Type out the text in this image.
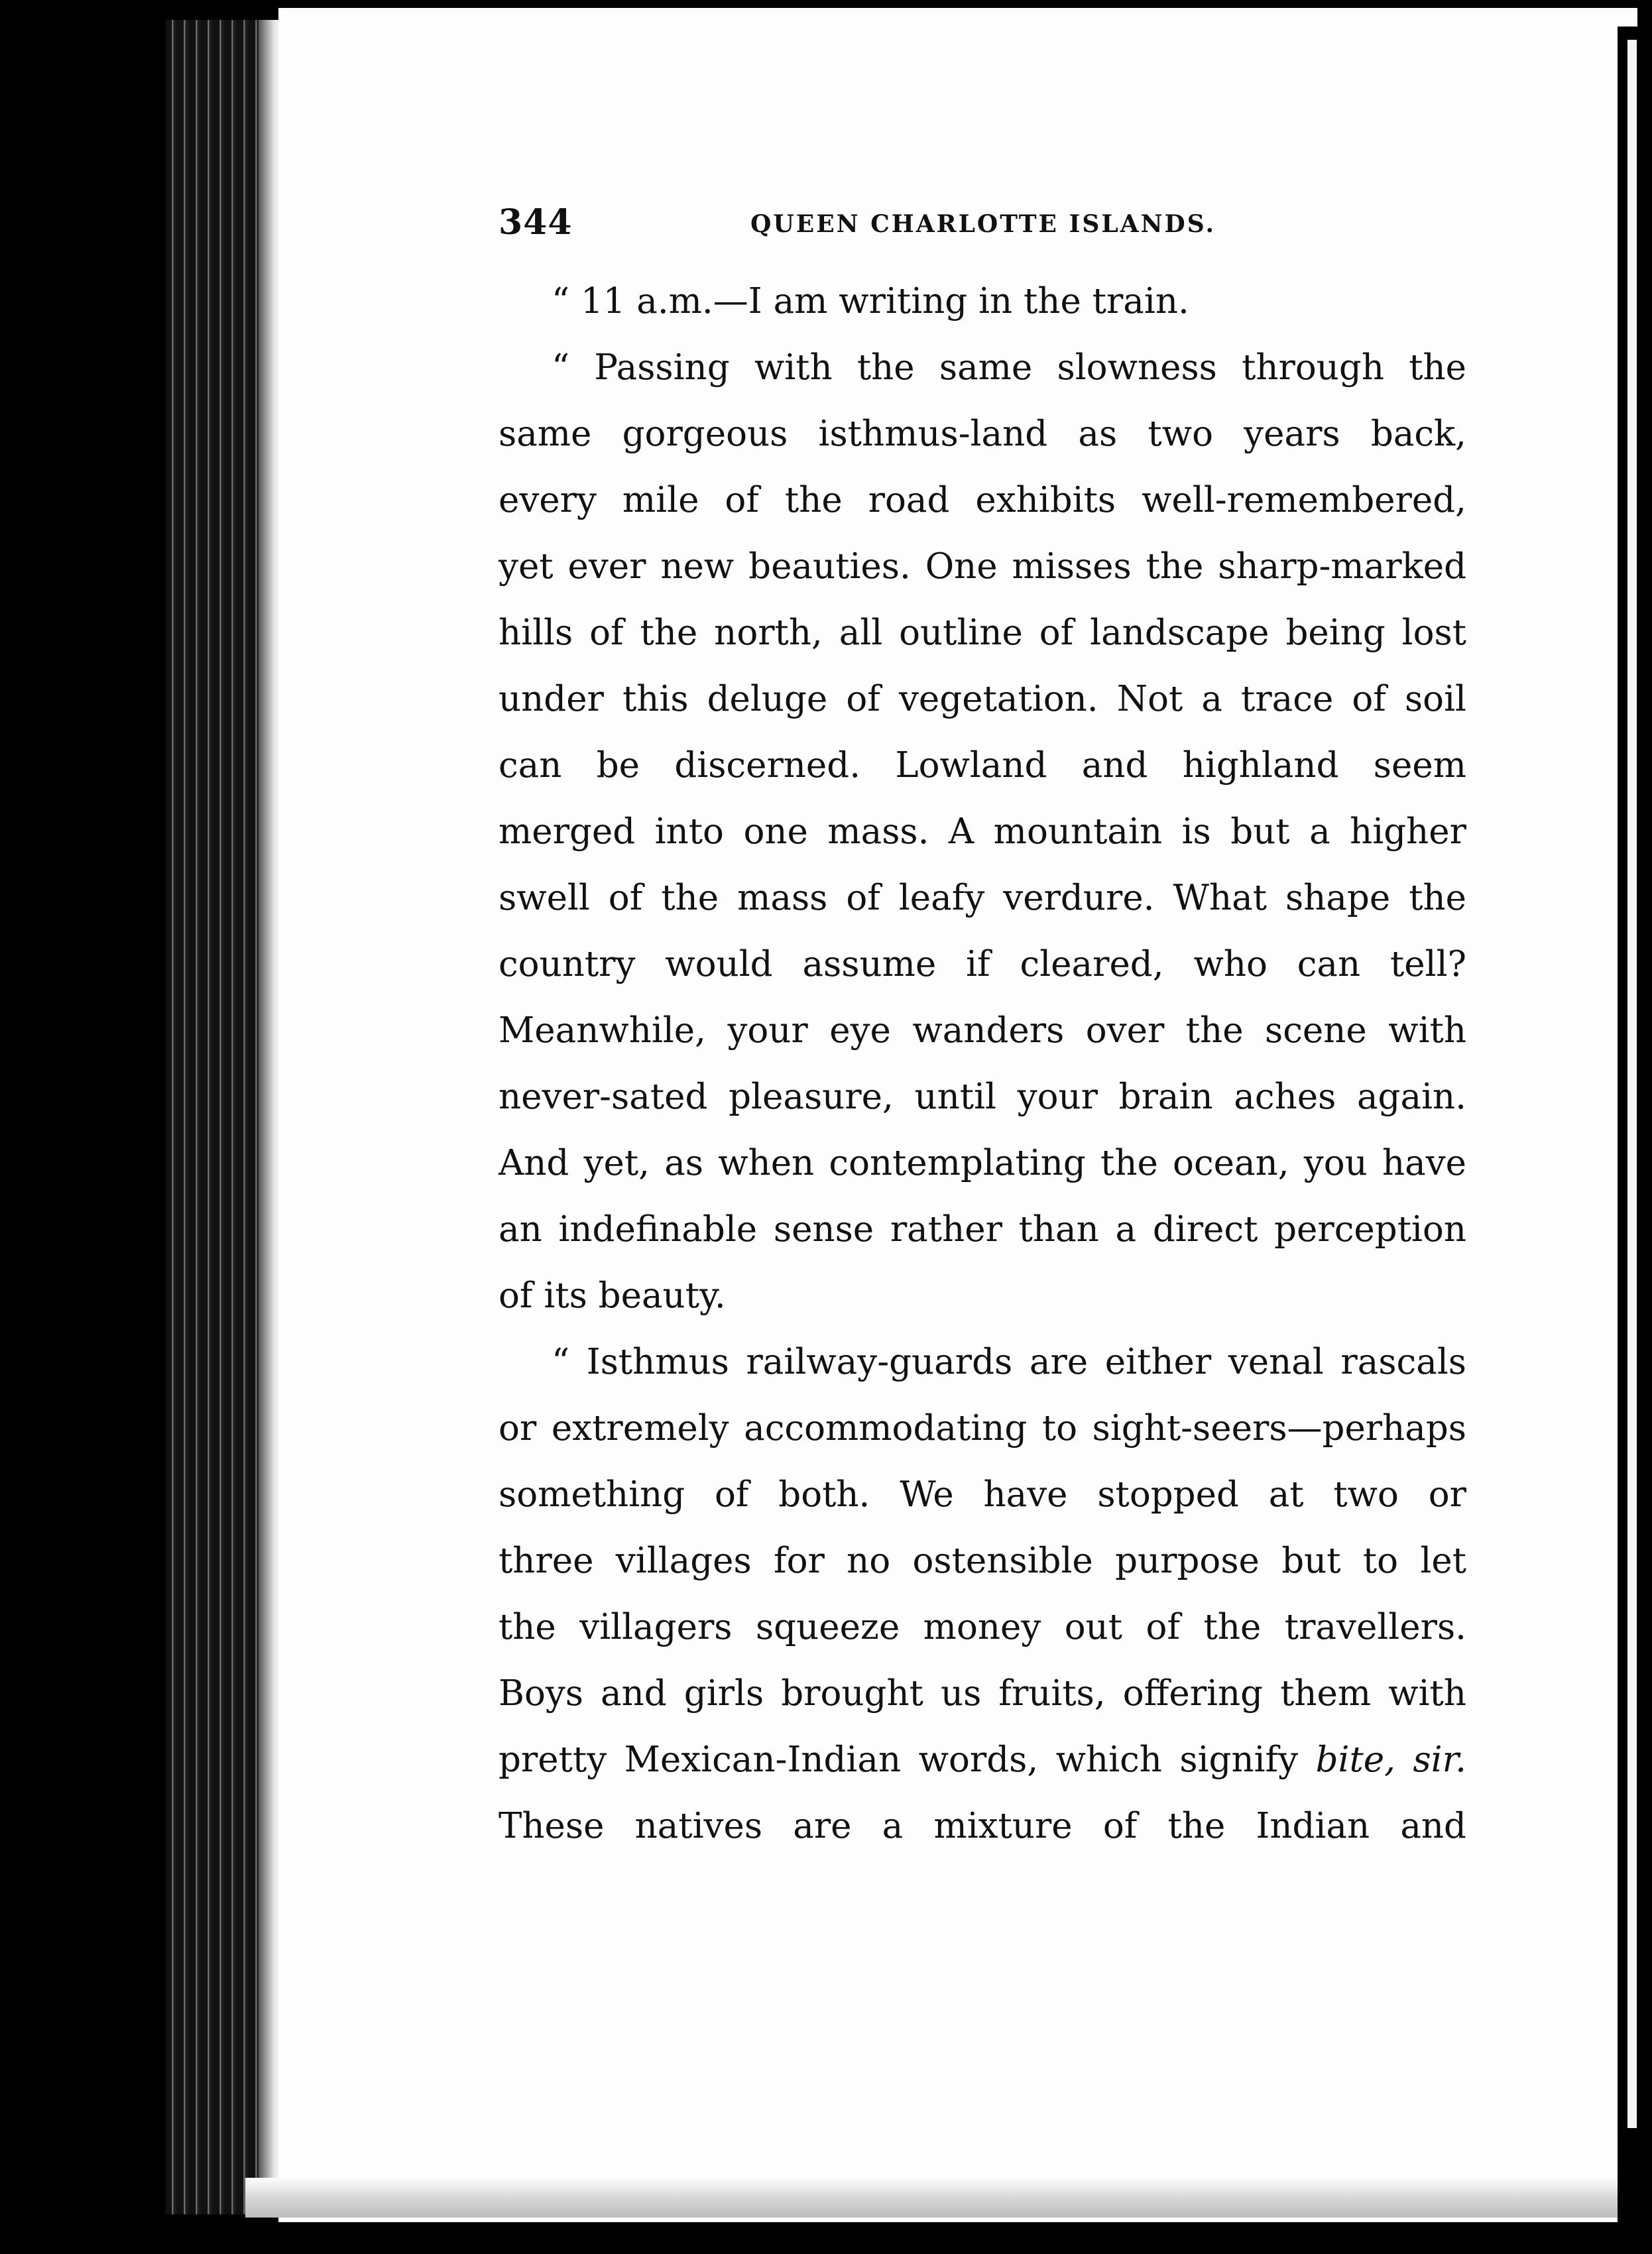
344	QUEEN CHARLOTTE ISLANDS.
“ 11 a.m.—I am writing in the train.
“ Passing with the same slowness through the
same gorgeous isthmus-land as two years back,
every mile of the road exhibits well-remembered,
yet ever new beauties. One misses the sharp-marked
hills of the north, all outline of landscape being lost
under this deluge of vegetation. Not a trace of soil
can be discerned. Lowland and highland seem
merged into one mass. A mountain is but a higher
swell of the mass of leafy verdure. What shape the
country would assume if cleared, who can tell?
Meanwhile, your eye wanders over the scene with
never-sated pleasure, until your brain aches again.
And yet, as when contemplating the ocean, you have
an indefinable sense rather than a direct perception
of its beauty.
“ Isthmus railway-guards are either venal rascals
or extremely accommodating to sight-seers—perhaps
something of both. We have stopped at two or
three villages for no ostensible purpose but to let
the villagers squeeze money out of the travellers.
Boys and girls brought us fruits, offering them with
pretty Mexican-Indian words, which signify bite, sir.
These natives are a mixture of the Indian and
